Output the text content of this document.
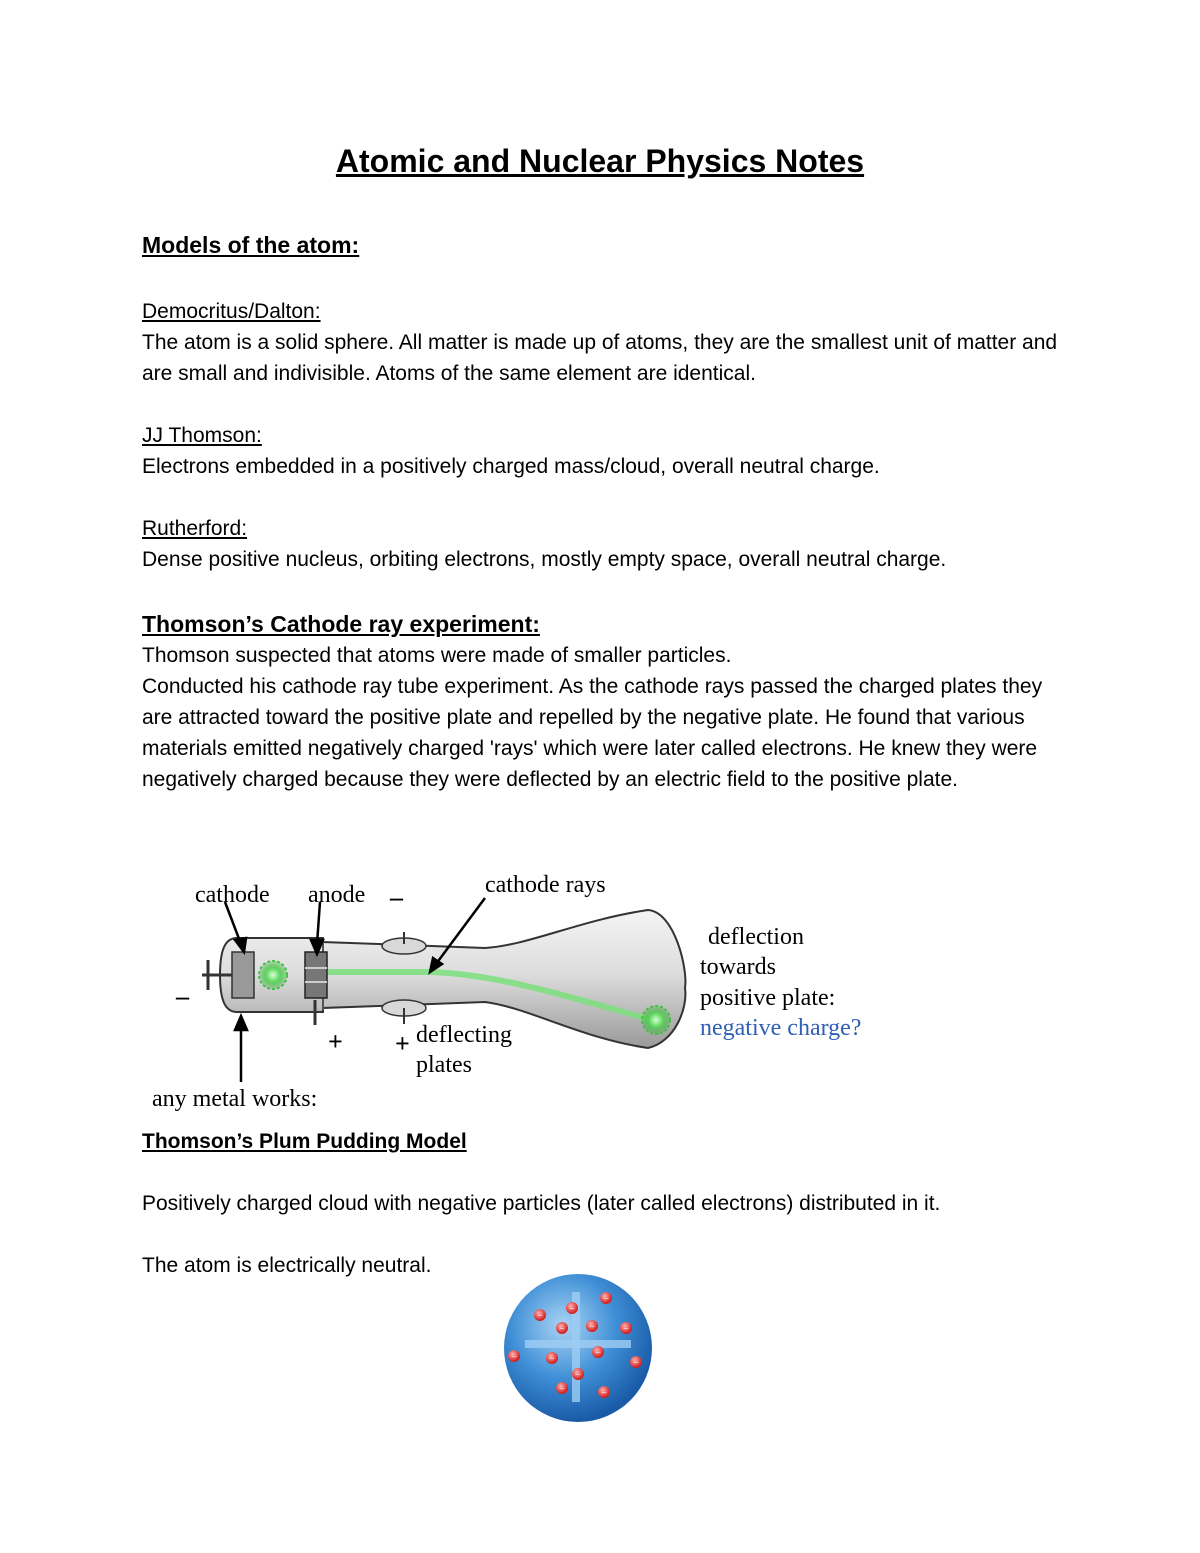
Atomic and Nuclear Physics Notes
Models of the atom:

Democritus/Dalton:

The atom is a solid sphere. All matter is made up of atoms, they are the smallest unit of matter and are small and indivisible. Atoms of the same element are identical.

JJ Thomson:

Electrons embedded in a positively charged mass/cloud, overall neutral charge.

Rutherford:

Dense positive nucleus, orbiting electrons, mostly empty space, overall neutral charge.

Thomson’s Cathode ray experiment:

Thomson suspected that atoms were made of smaller particles.

Conducted his cathode ray tube experiment. As the cathode rays passed the charged plates they are attracted toward the positive plate and repelled by the negative plate. He found that various materials emitted negatively charged 'rays' which were later called electrons. He knew they were negatively charged because they were deflected by an electric field to the positive plate.

cathode anode –	cathode rays
–
+ + deflecting
plates
any metal works:
deflection
towards
positive plate:
negative charge?

Thomson’s Plum Pudding Model

Positively charged cloud with negative particles (later called electrons) distributed in it.

The atom is electrically neutral.

–
–
–
–	–
–
–
–
–
–
–
–	–
